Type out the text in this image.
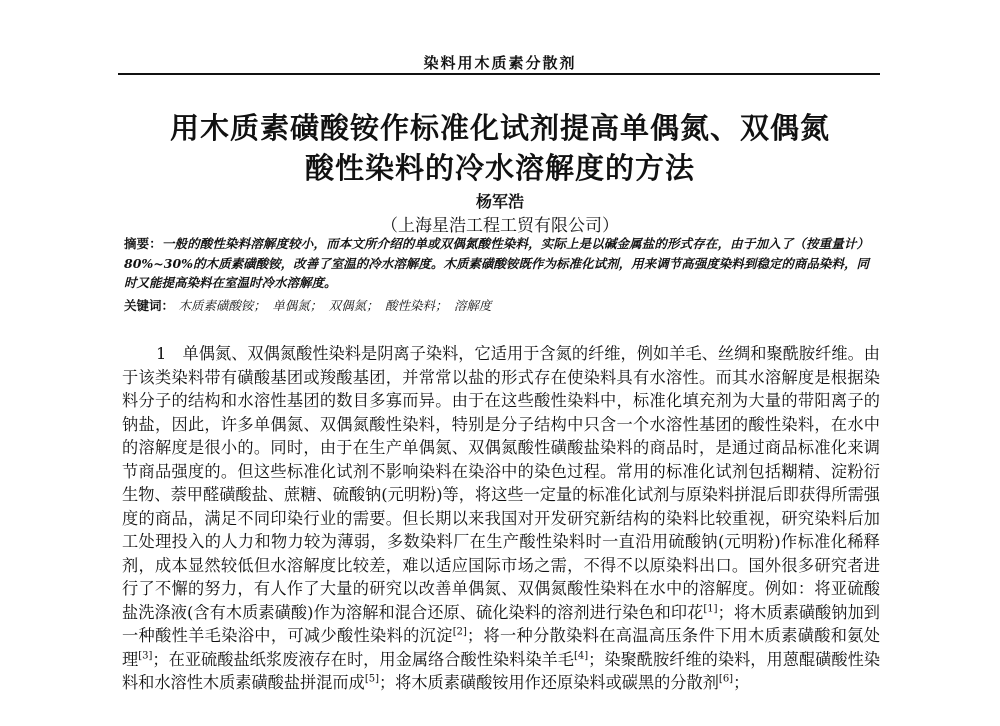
染料用木质素分散剂
用木质素磺酸铵作标准化试剂提高单偶氮、双偶氮
酸性染料的冷水溶解度的方法
杨军浩
（上海星浩工程工贸有限公司）
摘要：一般的酸性染料溶解度较小，而本文所介绍的单或双偶氮酸性染料，实际上是以碱金属盐的形式存在，由于加入了（按重量计）80%~30%的木质素磺酸铵，改善了室温的冷水溶解度。木质素磺酸铵既作为标准化试剂，用来调节高强度染料到稳定的商品染料，同时又能提高染料在室温时冷水溶解度。
关键词： 木质素磺酸铵； 单偶氮； 双偶氮； 酸性染料； 溶解度

1　单偶氮、双偶氮酸性染料是阴离子染料，它适用于含氮的纤维，例如羊毛、丝绸和聚酰胺纤维。由于该类染料带有磺酸基团或羧酸基团，并常常以盐的形式存在使染料具有水溶性。而其水溶解度是根据染料分子的结构和水溶性基团的数目多寡而异。由于在这些酸性染料中，标准化填充剂为大量的带阳离子的钠盐，因此，许多单偶氮、双偶氮酸性染料，特别是分子结构中只含一个水溶性基团的酸性染料，在水中的溶解度是很小的。同时，由于在生产单偶氮、双偶氮酸性磺酸盐染料的商品时，是通过商品标准化来调节商品强度的。但这些标准化试剂不影响染料在染浴中的染色过程。常用的标准化试剂包括糊精、淀粉衍生物、萘甲醛磺酸盐、蔗糖、硫酸钠(元明粉)等，将这些一定量的标准化试剂与原染料拼混后即获得所需强度的商品，满足不同印染行业的需要。但长期以来我国对开发研究新结构的染料比较重视，研究染料后加工处理投入的人力和物力较为薄弱，多数染料厂在生产酸性染料时一直沿用硫酸钠(元明粉)作标准化稀释剂，成本显然较低但水溶解度比较差，难以适应国际市场之需，不得不以原染料出口。国外很多研究者进行了不懈的努力，有人作了大量的研究以改善单偶氮、双偶氮酸性染料在水中的溶解度。例如：将亚硫酸盐洗涤液(含有木质素磺酸)作为溶解和混合还原、硫化染料的溶剂进行染色和印花[1]；将木质素磺酸钠加到一种酸性羊毛染浴中，可减少酸性染料的沉淀[2]；将一种分散染料在高温高压条件下用木质素磺酸和氨处理[3]；在亚硫酸盐纸浆废液存在时，用金属络合酸性染料染羊毛[4]；染聚酰胺纤维的染料，用蒽醌磺酸性染料和水溶性木质素磺酸盐拼混而成[5]；将木质素磺酸铵用作还原染料或碳黑的分散剂[6]；
